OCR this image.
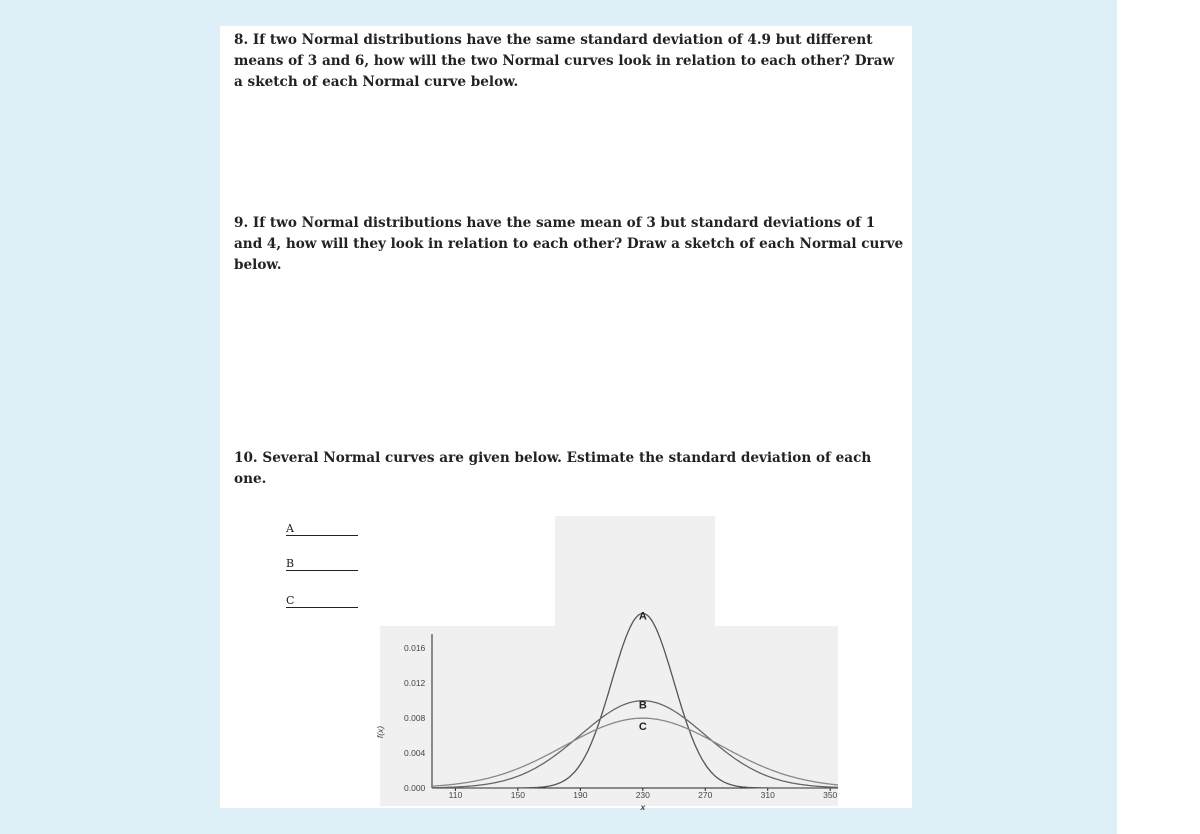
8. If two Normal distributions have the same standard deviation of 4.9 but different means of 3 and 6, how will the two Normal curves look in relation to each other? Draw a sketch of each Normal curve below.

9. If two Normal distributions have the same mean of 3 but standard deviations of 1 and 4, how will they look in relation to each other? Draw a sketch of each Normal curve below.

10. Several Normal curves are given below. Estimate the standard deviation of each one.

A
B
C
0.000
0.004
0.008
0.012
0.016
110	150	190	230	270	310	350
x
f(x)
A
B
C
